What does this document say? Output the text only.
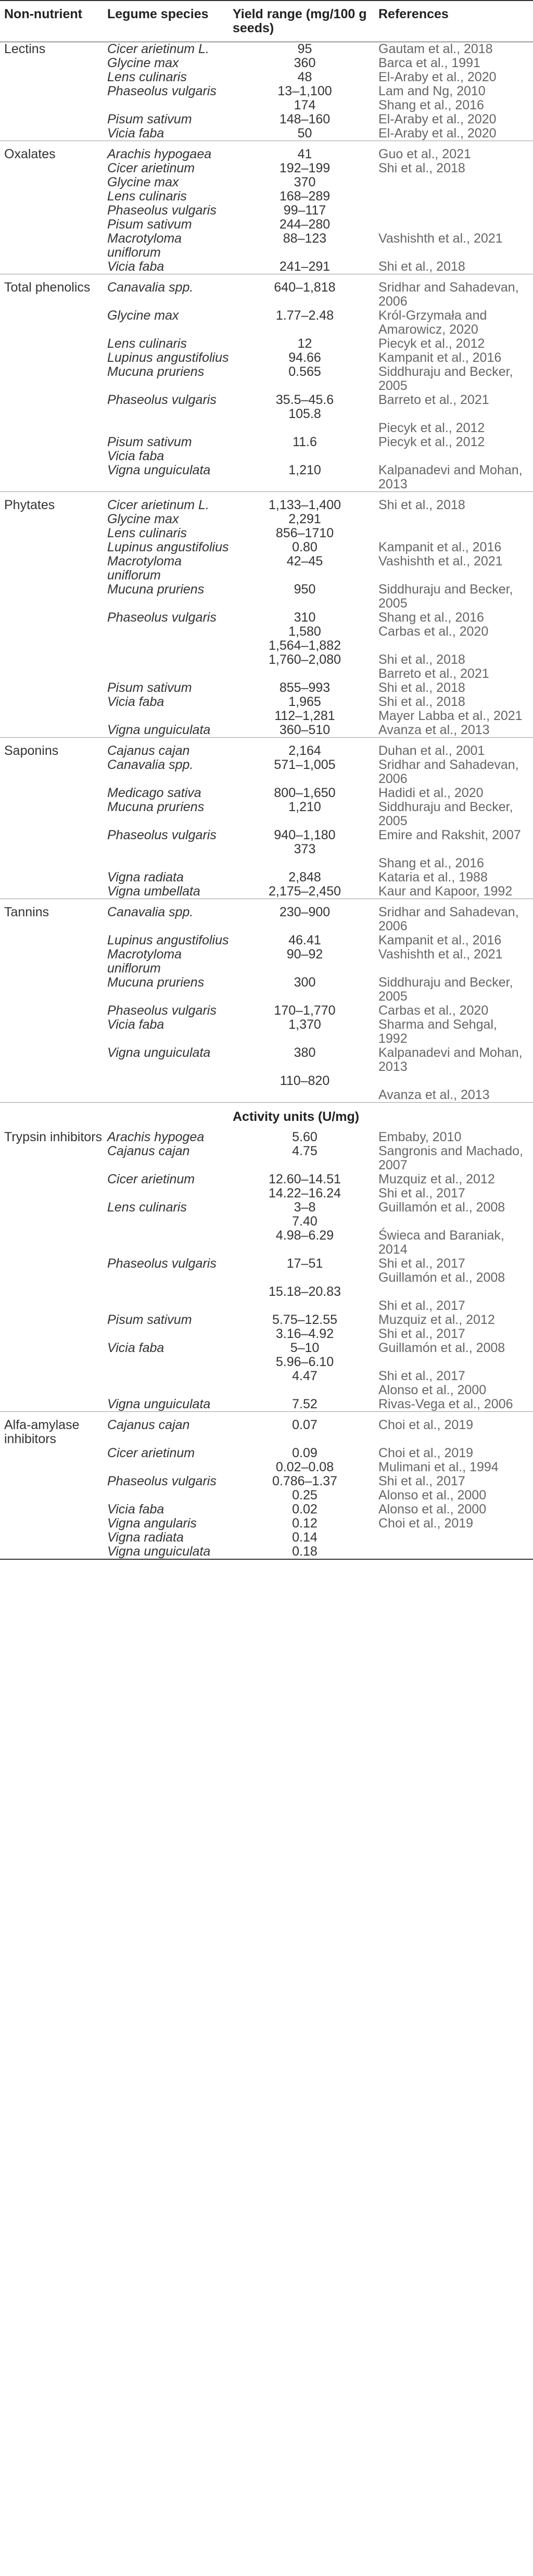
Non-nutrient	Legume species	Yield range (mg/100 g seeds)	References
Lectins	Cicer arietinum L.	95	Gautam et al., 2018
	Glycine max	360	Barca et al., 1991
	Lens culinaris	48	El-Araby et al., 2020
	Phaseolus vulgaris	13–1,100	Lam and Ng, 2010
		174	Shang et al., 2016
	Pisum sativum	148–160	El-Araby et al., 2020
	Vicia faba	50	El-Araby et al., 2020
Oxalates	Arachis hypogaea	41	Guo et al., 2021
	Cicer arietinum	192–199	Shi et al., 2018
	Glycine max	370	
	Lens culinaris	168–289	
	Phaseolus vulgaris	99–117	
	Pisum sativum	244–280	
	Macrotyloma uniflorum	88–123	Vashishth et al., 2021
	Vicia faba	241–291	Shi et al., 2018
Total phenolics	Canavalia spp.	640–1,818	Sridhar and Sahadevan, 2006
	Glycine max	1.77–2.48	Król-Grzymała and Amarowicz, 2020
	Lens culinaris	12	Piecyk et al., 2012
	Lupinus angustifolius	94.66	Kampanit et al., 2016
	Mucuna pruriens	0.565	Siddhuraju and Becker, 2005
	Phaseolus vulgaris	35.5–45.6	Barreto et al., 2021
		105.8	
			Piecyk et al., 2012
	Pisum sativum	11.6	Piecyk et al., 2012
	Vicia faba		
	Vigna unguiculata	1,210	Kalpanadevi and Mohan, 2013
Phytates	Cicer arietinum L.	1,133–1,400	Shi et al., 2018
	Glycine max	2,291	
	Lens culinaris	856–1710	
	Lupinus angustifolius	0.80	Kampanit et al., 2016
	Macrotyloma uniflorum	42–45	Vashishth et al., 2021
	Mucuna pruriens	950	Siddhuraju and Becker, 2005
	Phaseolus vulgaris	310	Shang et al., 2016
		1,580	Carbas et al., 2020
		1,564–1,882	
		1,760–2,080	Shi et al., 2018
			Barreto et al., 2021
	Pisum sativum	855–993	Shi et al., 2018
	Vicia faba	1,965	Shi et al., 2018
		112–1,281	Mayer Labba et al., 2021
	Vigna unguiculata	360–510	Avanza et al., 2013
Saponins	Cajanus cajan	2,164	Duhan et al., 2001
	Canavalia spp.	571–1,005	Sridhar and Sahadevan, 2006
	Medicago sativa	800–1,650	Hadidi et al., 2020
	Mucuna pruriens	1,210	Siddhuraju and Becker, 2005
	Phaseolus vulgaris	940–1,180	Emire and Rakshit, 2007
		373	
			Shang et al., 2016
	Vigna radiata	2,848	Kataria et al., 1988
	Vigna umbellata	2,175–2,450	Kaur and Kapoor, 1992
Tannins	Canavalia spp.	230–900	Sridhar and Sahadevan, 2006
	Lupinus angustifolius	46.41	Kampanit et al., 2016
	Macrotyloma uniflorum	90–92	Vashishth et al., 2021
	Mucuna pruriens	300	Siddhuraju and Becker, 2005
	Phaseolus vulgaris	170–1,770	Carbas et al., 2020
	Vicia faba	1,370	Sharma and Sehgal, 1992
	Vigna unguiculata	380	Kalpanadevi and Mohan, 2013
		110–820	
			Avanza et al., 2013
		Activity units (U/mg)	
Trypsin inhibitors	Arachis hypogea	5.60	Embaby, 2010
	Cajanus cajan	4.75	Sangronis and Machado, 2007
	Cicer arietinum	12.60–14.51	Muzquiz et al., 2012
		14.22–16.24	Shi et al., 2017
	Lens culinaris	3–8	Guillamón et al., 2008
		7.40	
		4.98–6.29	Świeca and Baraniak, 2014
	Phaseolus vulgaris	17–51	Shi et al., 2017
			Guillamón et al., 2008
		15.18–20.83	
			Shi et al., 2017
	Pisum sativum	5.75–12.55	Muzquiz et al., 2012
		3.16–4.92	Shi et al., 2017
	Vicia faba	5–10	Guillamón et al., 2008
		5.96–6.10	
		4.47	Shi et al., 2017
			Alonso et al., 2000
	Vigna unguiculata	7.52	Rivas-Vega et al., 2006
Alfa-amylase inhibitors	Cajanus cajan	0.07	Choi et al., 2019
	Cicer arietinum	0.09	Choi et al., 2019
		0.02–0.08	Mulimani et al., 1994
	Phaseolus vulgaris	0.786–1.37	Shi et al., 2017
		0.25	Alonso et al., 2000
	Vicia faba	0.02	Alonso et al., 2000
	Vigna angularis	0.12	Choi et al., 2019
	Vigna radiata	0.14	
	Vigna unguiculata	0.18	
